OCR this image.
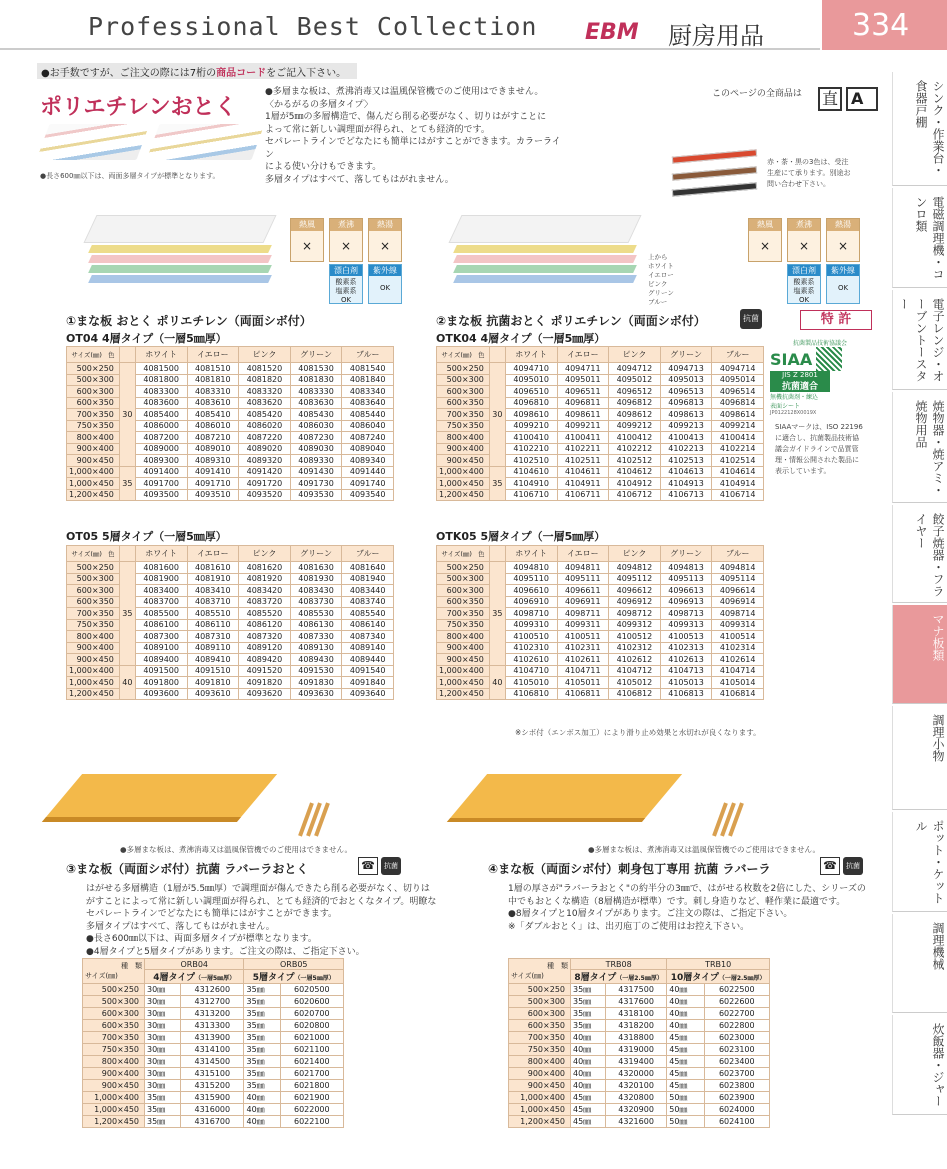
Professional Best Collection EBM 厨房用品	334
シンク・作業台・食器戸棚
電磁調理機・コンロ類
電子レンジ・オーブントースター
焼物器・焼アミ・焼物用品
餃子焼器・フライヤー
マナ板類
調理小物
ポット・ケットル
調理機械
炊飯器・ジャー
●お手数ですが、ご注文の際には7桁の商品コードをご記入下さい。
ポリエチレンおとく
●長さ600㎜以下は、両面多層タイプが標準となります。
●多層まな板は、煮沸消毒又は温風保管機でのご使用はできません。
〈かるがるの多層タイプ〉
1層が5㎜の多層構造で、傷んだら削る必要がなく、切りはがすことに
よって常に新しい調理面が得られ、とても経済的です。
セパレートラインでどなたにも簡単にはがすことができます。カラーライン
による使い分けもできます。
多層タイプはすべて、落してもはがれません。
このページの全商品は 直 A
赤・茶・黒の3色は、受注
生産にて承ります。別途お
問い合わせ下さい。
上から
ホワイト
イエロー
ピンク
グリーン
ブルー
熱風
×
煮沸
×
熱湯
×
漂白剤
酸素系
塩素系
OK
紫外線
OK
熱風
×
煮沸
×
熱湯
×
漂白剤
酸素系
塩素系
OK
紫外線
OK
特 許
抗菌製品技術協議会
SIAA
JIS Z 2801
抗菌適合
無機抗菌剤・練込
表面シート
JP0122128X0019X
SIAAマークは、ISO 22196
に適合し、抗菌製品技術協
議会ガイドラインで品質管
理・情報公開された製品に
表示しています。
①まな板 おとく ポリエチレン（両面シボ付）
OT04 4層タイプ（一層5㎜厚）
②まな板 抗菌おとく ポリエチレン（両面シボ付）	抗菌
OTK04 4層タイプ（一層5㎜厚）
サイズ(㎜) 色		ホワイト	イエロー	ピンク	グリーン	ブルー
500×250	30	4081500	4081510	4081520	4081530	4081540
500×300		4081800	4081810	4081820	4081830	4081840
600×300		4083300	4083310	4083320	4083330	4083340
600×350		4083600	4083610	4083620	4083630	4083640
700×350		4085400	4085410	4085420	4085430	4085440
750×350		4086000	4086010	4086020	4086030	4086040
800×400		4087200	4087210	4087220	4087230	4087240
900×400		4089000	4089010	4089020	4089030	4089040
900×450		4089300	4089310	4089320	4089330	4089340
1,000×400	35	4091400	4091410	4091420	4091430	4091440
1,000×450		4091700	4091710	4091720	4091730	4091740
1,200×450		4093500	4093510	4093520	4093530	4093540
サイズ(㎜) 色		ホワイト	イエロー	ピンク	グリーン	ブルー
500×250	30	4094710	4094711	4094712	4094713	4094714
500×300		4095010	4095011	4095012	4095013	4095014
600×300		4096510	4096511	4096512	4096513	4096514
600×350		4096810	4096811	4096812	4096813	4096814
700×350		4098610	4098611	4098612	4098613	4098614
750×350		4099210	4099211	4099212	4099213	4099214
800×400		4100410	4100411	4100412	4100413	4100414
900×400		4102210	4102211	4102212	4102213	4102214
900×450		4102510	4102511	4102512	4102513	4102514
1,000×400	35	4104610	4104611	4104612	4104613	4104614
1,000×450		4104910	4104911	4104912	4104913	4104914
1,200×450		4106710	4106711	4106712	4106713	4106714
OT05 5層タイプ（一層5㎜厚）	OTK05 5層タイプ（一層5㎜厚）
サイズ(㎜) 色		ホワイト	イエロー	ピンク	グリーン	ブルー
500×250	35	4081600	4081610	4081620	4081630	4081640
500×300		4081900	4081910	4081920	4081930	4081940
600×300		4083400	4083410	4083420	4083430	4083440
600×350		4083700	4083710	4083720	4083730	4083740
700×350		4085500	4085510	4085520	4085530	4085540
750×350		4086100	4086110	4086120	4086130	4086140
800×400		4087300	4087310	4087320	4087330	4087340
900×400		4089100	4089110	4089120	4089130	4089140
900×450		4089400	4089410	4089420	4089430	4089440
1,000×400	40	4091500	4091510	4091520	4091530	4091540
1,000×450		4091800	4091810	4091820	4091830	4091840
1,200×450		4093600	4093610	4093620	4093630	4093640
サイズ(㎜) 色		ホワイト	イエロー	ピンク	グリーン	ブルー
500×250	35	4094810	4094811	4094812	4094813	4094814
500×300		4095110	4095111	4095112	4095113	4095114
600×300		4096610	4096611	4096612	4096613	4096614
600×350		4096910	4096911	4096912	4096913	4096914
700×350		4098710	4098711	4098712	4098713	4098714
750×350		4099310	4099311	4099312	4099313	4099314
800×400		4100510	4100511	4100512	4100513	4100514
900×400		4102310	4102311	4102312	4102313	4102314
900×450		4102610	4102611	4102612	4102613	4102614
1,000×400	40	4104710	4104711	4104712	4104713	4104714
1,000×450		4105010	4105011	4105012	4105013	4105014
1,200×450		4106810	4106811	4106812	4106813	4106814
※シボ付（エンボス加工）により滑り止め効果と水切れが良くなります。
●多層まな板は、煮沸消毒又は温風保管機でのご使用はできません。
③まな板（両面シボ付）抗菌 ラバーラおとく	☎	抗菌
はがせる多層構造（1層が5.5㎜厚）で調理面が傷んできたら削る必要がなく、切りは
がすことによって常に新しい調理面が得られ、とても経済的でおとくなタイプ。明瞭な
セパレートラインでどなたにも簡単にはがすことができます。
多層タイプはすべて、落してもはがれません。
●長さ600㎜以下は、両面多層タイプが標準となります。
●4層タイプと5層タイプがあります。ご注文の際は、ご指定下さい。
種　類
サイズ(㎜)	ORB04		ORB05	
	4層タイプ（一層5㎜厚）		5層タイプ（一層5㎜厚）	
500×250	30㎜	4312600	35㎜	6020500
500×300	30㎜	4312700	35㎜	6020600
600×300	30㎜	4313200	35㎜	6020700
600×350	30㎜	4313300	35㎜	6020800
700×350	30㎜	4313900	35㎜	6021000
750×350	30㎜	4314100	35㎜	6021100
800×400	30㎜	4314500	35㎜	6021400
900×400	30㎜	4315100	35㎜	6021700
900×450	30㎜	4315200	35㎜	6021800
1,000×400	35㎜	4315900	40㎜	6021900
1,000×450	35㎜	4316000	40㎜	6022000
1,200×450	35㎜	4316700	40㎜	6022100
●多層まな板は、煮沸消毒又は温風保管機でのご使用はできません。
④まな板（両面シボ付）刺身包丁専用 抗菌 ラバーラ	☎	抗菌
1層の厚さが"ラバーラおとく"の約半分の3㎜で、はがせる枚数を2倍にした、シリーズの
中でもおとくな構造（8層構造が標準）です。刺し身造りなど、軽作業に最適です。
●8層タイプと10層タイプがあります。ご注文の際は、ご指定下さい。
※「ダブルおとく」は、出刃庖丁のご使用はお控え下さい。
種　類
サイズ(㎜)	TRB08		TRB10	
	8層タイプ（一層2.5㎜厚）		10層タイプ（一層2.5㎜厚）	
500×250	35㎜	4317500	40㎜	6022500
500×300	35㎜	4317600	40㎜	6022600
600×300	35㎜	4318100	40㎜	6022700
600×350	35㎜	4318200	40㎜	6022800
700×350	40㎜	4318800	45㎜	6023000
750×350	40㎜	4319000	45㎜	6023100
800×400	40㎜	4319400	45㎜	6023400
900×400	40㎜	4320000	45㎜	6023700
900×450	40㎜	4320100	45㎜	6023800
1,000×400	45㎜	4320800	50㎜	6023900
1,000×450	45㎜	4320900	50㎜	6024000
1,200×450	45㎜	4321600	50㎜	6024100
